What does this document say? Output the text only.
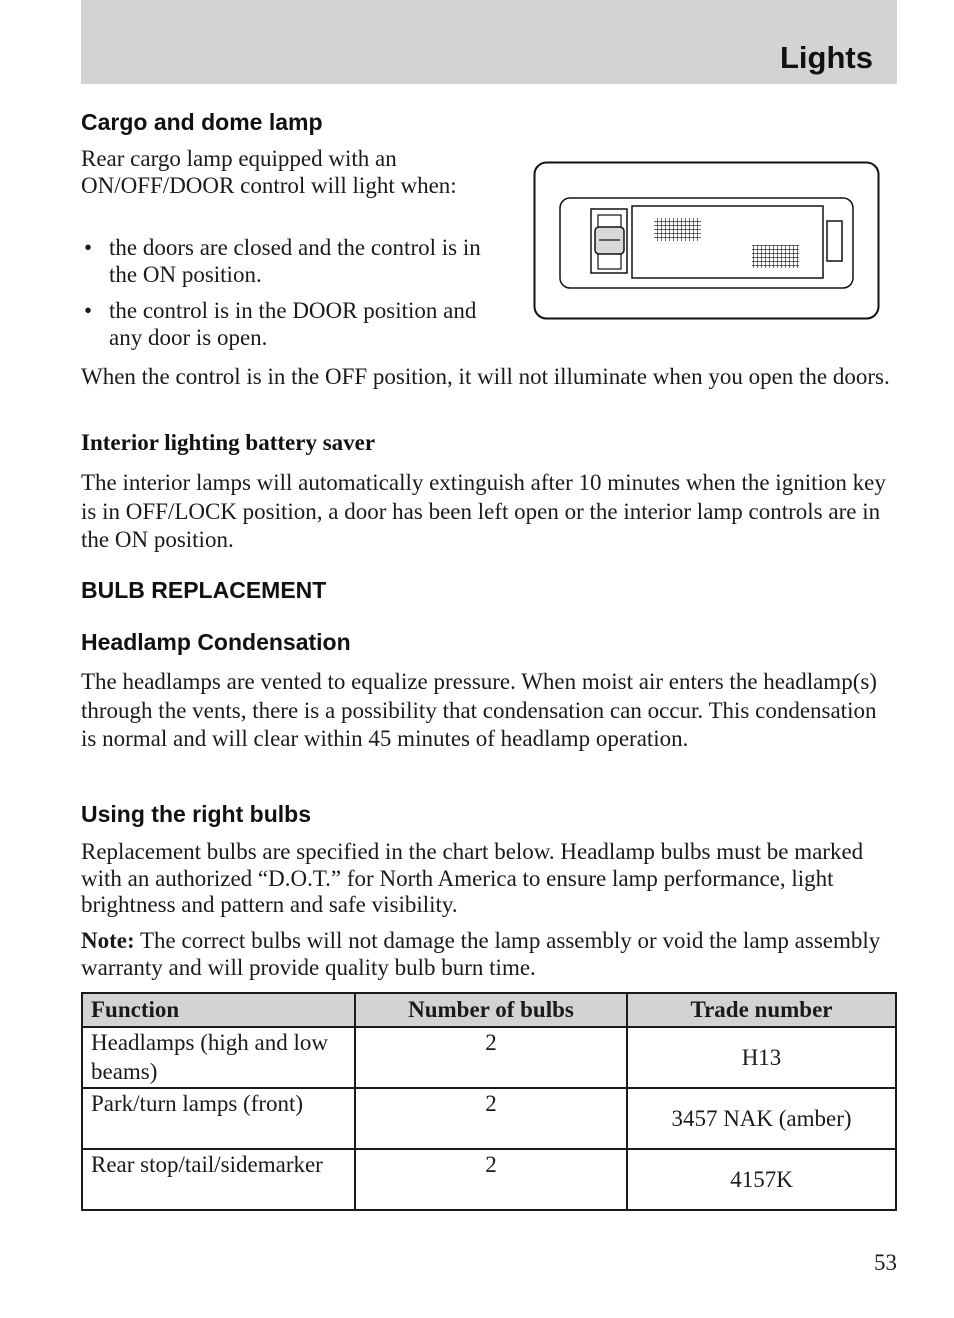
Lights
Cargo and dome lamp

Rear cargo lamp equipped with an ON/OFF/DOOR control will light when:

• the doors are closed and the control is in the ON position.
• the control is in the DOOR position and any door is open.

When the control is in the OFF position, it will not illuminate when you open the doors.

Interior lighting battery saver

The interior lamps will automatically extinguish after 10 minutes when the ignition key is in OFF/LOCK position, a door has been left open or the interior lamp controls are in the ON position.

BULB REPLACEMENT
Headlamp Condensation

The headlamps are vented to equalize pressure. When moist air enters the headlamp(s) through the vents, there is a possibility that condensation can occur. This condensation is normal and will clear within 45 minutes of headlamp operation.

Using the right bulbs

Replacement bulbs are specified in the chart below. Headlamp bulbs must be marked with an authorized “D.O.T.” for North America to ensure lamp performance, light brightness and pattern and safe visibility.

Note: The correct bulbs will not damage the lamp assembly or void the lamp assembly warranty and will provide quality bulb burn time.

Function	Number of bulbs	Trade number
Headlamps (high and low beams)	2	H13
Park/turn lamps (front)	2	3457 NAK (amber)
Rear stop/tail/sidemarker	2	4157K
53
